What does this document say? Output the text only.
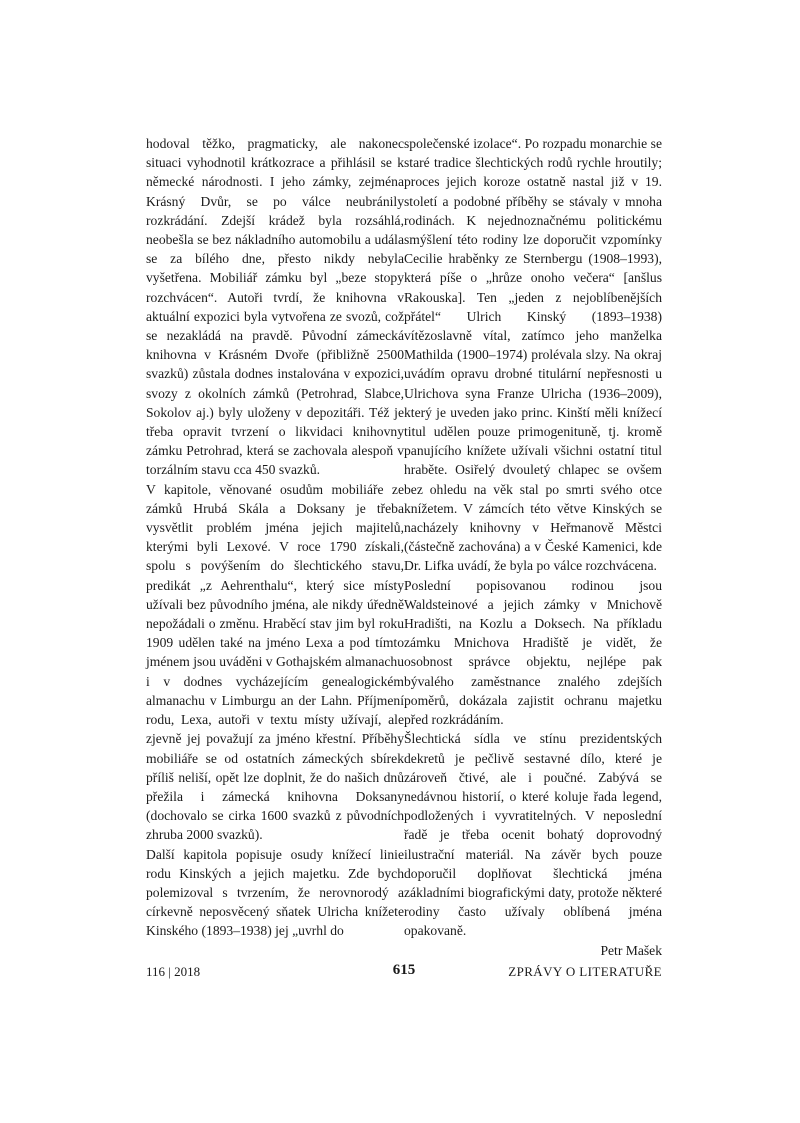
hodoval těžko, pragmaticky, ale nakonec situaci vyhodnotil krátkozrace a přihlásil se k německé národnosti. I jeho zámky, zejména Krásný Dvůr, se po válce neubránily rozkrádání. Zdejší krádež byla rozsáhlá, neobešla se bez nákladního automobilu a udála se za bílého dne, přesto nikdy nebyla vyšetřena. Mobiliář zámku byl „beze stopy rozchvácen“. Autoři tvrdí, že knihovna v aktuální expozici byla vytvořena ze svozů, což se nezakládá na pravdě. Původní zámecká knihovna v Krásném Dvoře (přibližně 2500 svazků) zůstala dodnes instalována v expozici, svozy z okolních zámků (Petrohrad, Slabce, Sokolov aj.) byly uloženy v depozitáři. Též je třeba opravit tvrzení o likvidaci knihovny zámku Petrohrad, která se zachovala alespoň v torzálním stavu cca 450 svazků.

V kapitole, věnované osudům mobiliáře ze zámků Hrubá Skála a Doksany je třeba vysvětlit problém jména jejich majitelů, kterými byli Lexové. V roce 1790 získali, spolu s povýšením do šlechtického stavu, predikát „z Aehrenthalu“, který sice místy užívali bez původního jména, ale nikdy úředně nepožádali o změnu. Hraběcí stav jim byl roku 1909 udělen také na jméno Lexa a pod tímto jménem jsou uváděni v Gothajském almanachu i v dodnes vycházejícím genealogickém almanachu v Limburgu an der Lahn. Příjmení rodu, Lexa, autoři v textu místy užívají, ale zjevně jej považují za jméno křestní. Příběhy mobiliáře se od ostatních zámeckých sbírek příliš neliší, opět lze doplnit, že do našich dnů přežila i zámecká knihovna Doksany (dochovalo se cirka 1600 svazků z původních zhruba 2000 svazků).

Další kapitola popisuje osudy knížecí linie rodu Kinských a jejich majetku. Zde bych polemizoval s tvrzením, že nerovnorodý a církevně neposvěcený sňatek Ulricha knížete Kinského (1893–1938) jej „uvrhl do

společenské izolace“. Po rozpadu monarchie se staré tradice šlechtických rodů rychle hroutily; proces jejich koroze ostatně nastal již v 19. století a podobné příběhy se stávaly v mnoha rodinách. K nejednoznačnému politickému smýšlení této rodiny lze doporučit vzpomínky Cecilie hraběnky ze Sternbergu (1908–1993), která píše o „hrůze onoho večera“ [anšlus Rakouska]. Ten „jeden z nejoblíbenějších přátel“ Ulrich Kinský (1893–1938) vítězoslavně vítal, zatímco jeho manželka Mathilda (1900–1974) prolévala slzy. Na okraj uvádím opravu drobné titulární nepřesnosti u Ulrichova syna Franze Ulricha (1936–2009), který je uveden jako princ. Kinští měli knížecí titul udělen pouze primogenituně, tj. kromě panujícího knížete užívali všichni ostatní titul hraběte. Osiřelý dvouletý chlapec se ovšem bez ohledu na věk stal po smrti svého otce knížetem. V zámcích této větve Kinských se nacházely knihovny v Heřmanově Městci (částečně zachována) a v České Kamenici, kde Dr. Lifka uvádí, že byla po válce rozchvácena.

Poslední popisovanou rodinou jsou Waldsteinové a jejich zámky v Mnichově Hradišti, na Kozlu a Doksech. Na příkladu zámku Mnichova Hradiště je vidět, že osobnost správce objektu, nejlépe pak bývalého zaměstnance znalého zdejších poměrů, dokázala zajistit ochranu majetku před rozkrádáním.

Šlechtická sídla ve stínu prezidentských dekretů je pečlivě sestavné dílo, které je zároveň čtivé, ale i poučné. Zabývá se nedávnou historií, o které koluje řada legend, podložených i vyvratitelných. V neposlední řadě je třeba ocenit bohatý doprovodný ilustrační materiál. Na závěr bych pouze doporučil doplňovat šlechtická jména základními biografickými daty, protože některé rodiny často užívaly oblíbená jména opakovaně.

Petr Mašek

116 | 2018	615	ZPRÁVY O LITERATUŘE
